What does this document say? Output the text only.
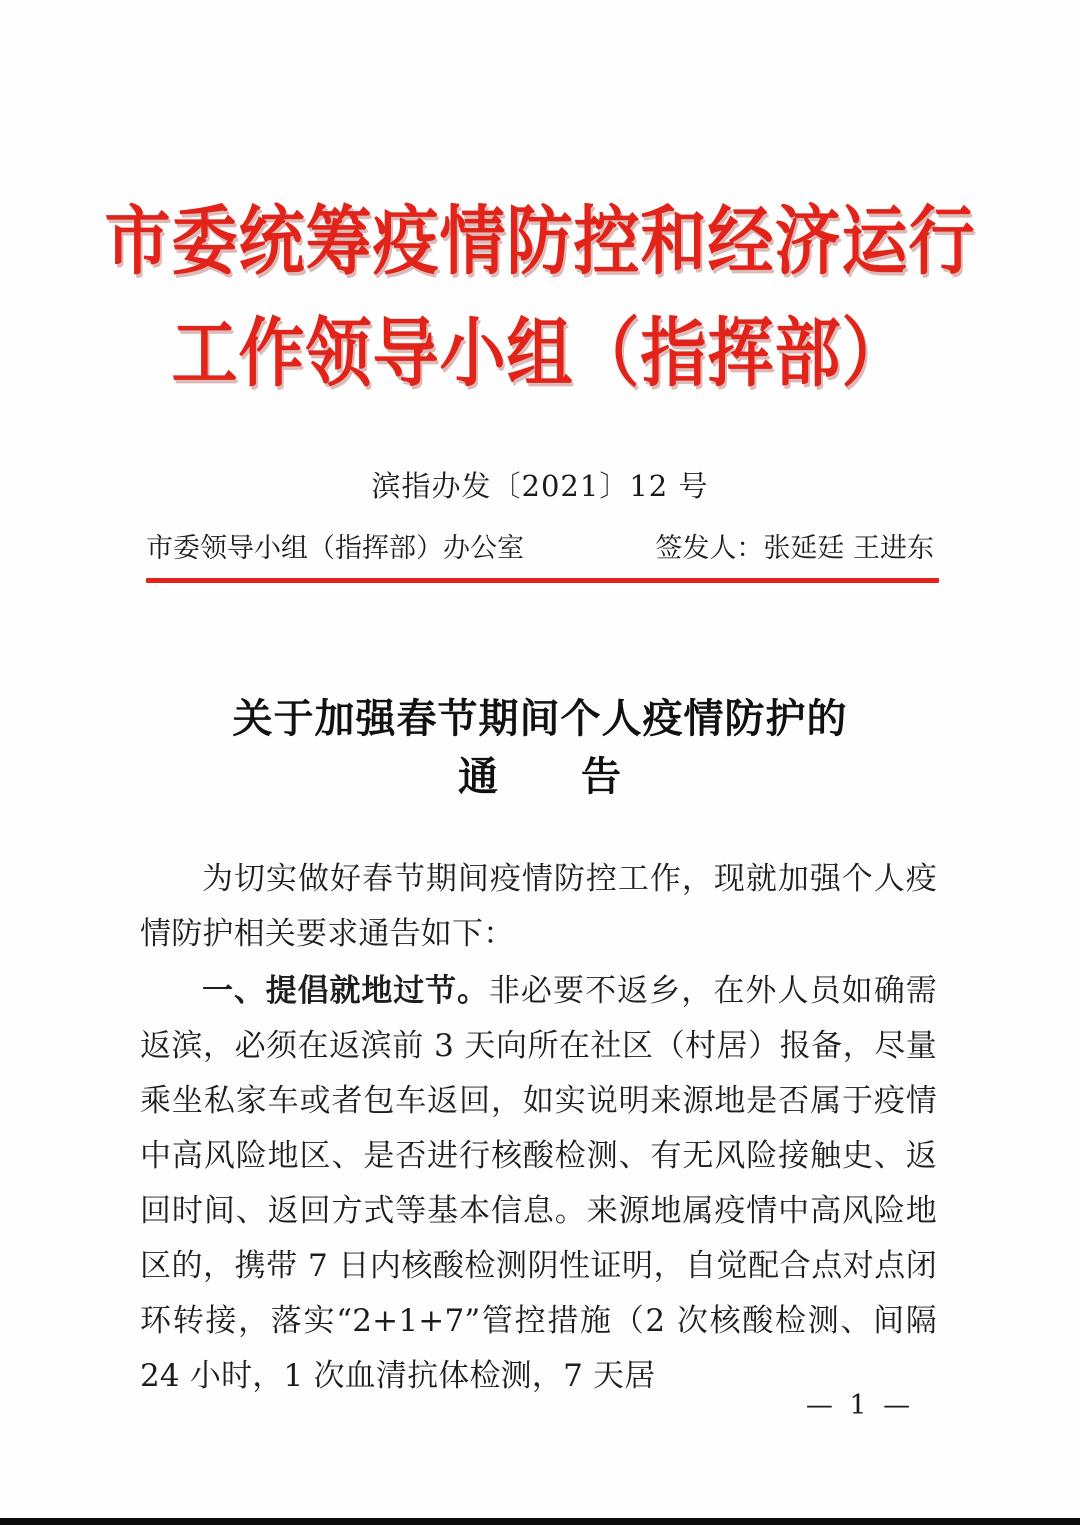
市委统筹疫情防控和经济运行
工作领导小组（指挥部）
滨指办发〔2021〕12 号
市委领导小组（指挥部）办公室	签发人：张延廷 王进东
关于加强春节期间个人疫情防护的
通　　告

为切实做好春节期间疫情防控工作，现就加强个人疫情防护相关要求通告如下：

一、提倡就地过节。非必要不返乡，在外人员如确需返滨，必须在返滨前 3 天向所在社区（村居）报备，尽量乘坐私家车或者包车返回，如实说明来源地是否属于疫情中高风险地区、是否进行核酸检测、有无风险接触史、返回时间、返回方式等基本信息。来源地属疫情中高风险地区的，携带 7 日内核酸检测阴性证明，自觉配合点对点闭环转接，落实“2+1+7”管控措施（2 次核酸检测、间隔 24 小时，1 次血清抗体检测，7 天居

— 1 —
